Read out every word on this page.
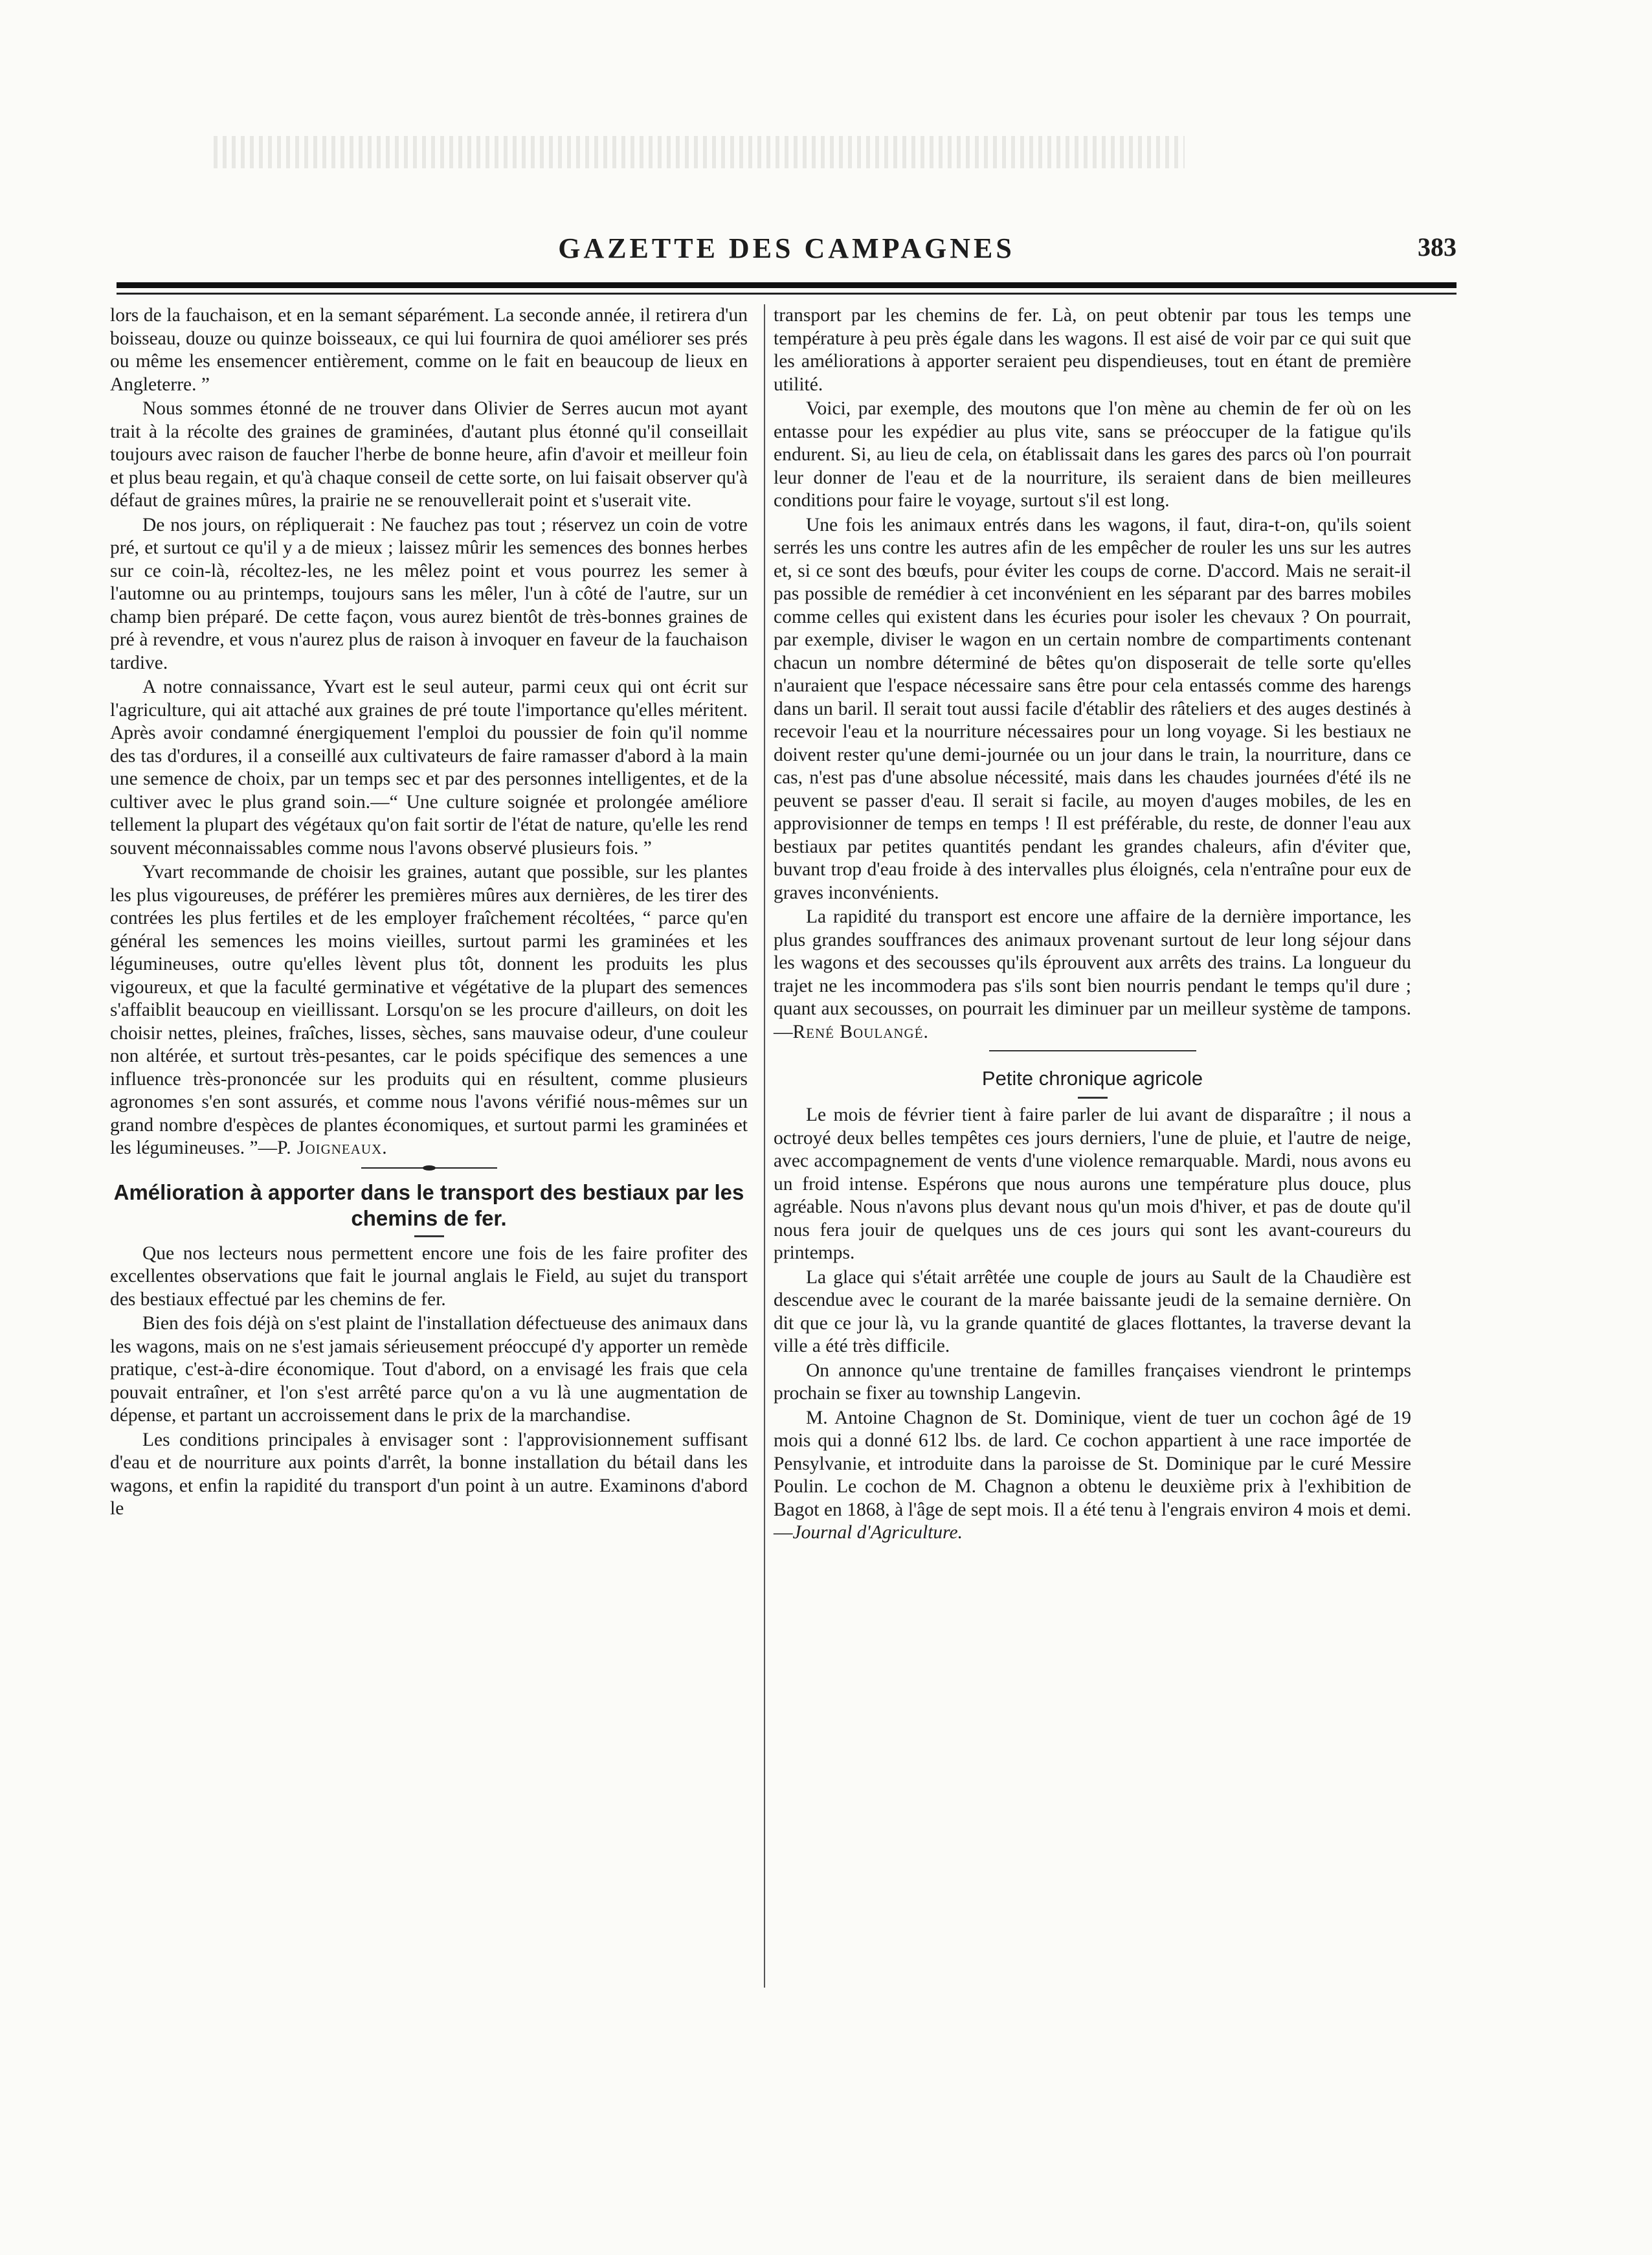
GAZETTE DES CAMPAGNES	383

lors de la fauchaison, et en la semant séparément. La seconde année, il retirera d'un boisseau, douze ou quinze boisseaux, ce qui lui fournira de quoi améliorer ses prés ou même les ensemencer entièrement, comme on le fait en beaucoup de lieux en Angleterre. ”

Nous sommes étonné de ne trouver dans Olivier de Serres aucun mot ayant trait à la récolte des graines de graminées, d'autant plus étonné qu'il conseillait toujours avec raison de faucher l'herbe de bonne heure, afin d'avoir et meilleur foin et plus beau regain, et qu'à chaque conseil de cette sorte, on lui faisait observer qu'à défaut de graines mûres, la prairie ne se renouvellerait point et s'userait vite.

De nos jours, on répliquerait : Ne fauchez pas tout ; réservez un coin de votre pré, et surtout ce qu'il y a de mieux ; laissez mûrir les semences des bonnes herbes sur ce coin-là, récoltez-les, ne les mêlez point et vous pourrez les semer à l'automne ou au printemps, toujours sans les mêler, l'un à côté de l'autre, sur un champ bien préparé. De cette façon, vous aurez bientôt de très-bonnes graines de pré à revendre, et vous n'aurez plus de raison à invoquer en faveur de la fauchaison tardive.

A notre connaissance, Yvart est le seul auteur, parmi ceux qui ont écrit sur l'agriculture, qui ait attaché aux graines de pré toute l'importance qu'elles méritent. Après avoir condamné énergiquement l'emploi du poussier de foin qu'il nomme des tas d'ordures, il a conseillé aux cultivateurs de faire ramasser d'abord à la main une semence de choix, par un temps sec et par des personnes intelligentes, et de la cultiver avec le plus grand soin.—“ Une culture soignée et prolongée améliore tellement la plupart des végétaux qu'on fait sortir de l'état de nature, qu'elle les rend souvent méconnaissables comme nous l'avons observé plusieurs fois. ”

Yvart recommande de choisir les graines, autant que possible, sur les plantes les plus vigoureuses, de préférer les premières mûres aux dernières, de les tirer des contrées les plus fertiles et de les employer fraîchement récoltées, “ parce qu'en général les semences les moins vieilles, surtout parmi les graminées et les légumineuses, outre qu'elles lèvent plus tôt, donnent les produits les plus vigoureux, et que la faculté germinative et végétative de la plupart des semences s'affaiblit beaucoup en vieillissant. Lorsqu'on se les procure d'ailleurs, on doit les choisir nettes, pleines, fraîches, lisses, sèches, sans mauvaise odeur, d'une couleur non altérée, et surtout très-pesantes, car le poids spécifique des semences a une influence très-prononcée sur les produits qui en résultent, comme plusieurs agronomes s'en sont assurés, et comme nous l'avons vérifié nous-mêmes sur un grand nombre d'espèces de plantes économiques, et surtout parmi les graminées et les légumineuses. ”—P. Joigneaux.

Amélioration à apporter dans le transport des bestiaux par les chemins de fer.

Que nos lecteurs nous permettent encore une fois de les faire profiter des excellentes observations que fait le journal anglais le Field, au sujet du transport des bestiaux effectué par les chemins de fer.

Bien des fois déjà on s'est plaint de l'installation défectueuse des animaux dans les wagons, mais on ne s'est jamais sérieusement préoccupé d'y apporter un remède pratique, c'est-à-dire économique. Tout d'abord, on a envisagé les frais que cela pouvait entraîner, et l'on s'est arrêté parce qu'on a vu là une augmentation de dépense, et partant un accroissement dans le prix de la marchandise.

Les conditions principales à envisager sont : l'approvisionnement suffisant d'eau et de nourriture aux points d'arrêt, la bonne installation du bétail dans les wagons, et enfin la rapidité du transport d'un point à un autre. Examinons d'abord le

transport par les chemins de fer. Là, on peut obtenir par tous les temps une température à peu près égale dans les wagons. Il est aisé de voir par ce qui suit que les améliorations à apporter seraient peu dispendieuses, tout en étant de première utilité.

Voici, par exemple, des moutons que l'on mène au chemin de fer où on les entasse pour les expédier au plus vite, sans se préoccuper de la fatigue qu'ils endurent. Si, au lieu de cela, on établissait dans les gares des parcs où l'on pourrait leur donner de l'eau et de la nourriture, ils seraient dans de bien meilleures conditions pour faire le voyage, surtout s'il est long.

Une fois les animaux entrés dans les wagons, il faut, dira-t-on, qu'ils soient serrés les uns contre les autres afin de les empêcher de rouler les uns sur les autres et, si ce sont des bœufs, pour éviter les coups de corne. D'accord. Mais ne serait-il pas possible de remédier à cet inconvénient en les séparant par des barres mobiles comme celles qui existent dans les écuries pour isoler les chevaux ? On pourrait, par exemple, diviser le wagon en un certain nombre de compartiments contenant chacun un nombre déterminé de bêtes qu'on disposerait de telle sorte qu'elles n'auraient que l'espace nécessaire sans être pour cela entassés comme des harengs dans un baril. Il serait tout aussi facile d'établir des râteliers et des auges destinés à recevoir l'eau et la nourriture nécessaires pour un long voyage. Si les bestiaux ne doivent rester qu'une demi-journée ou un jour dans le train, la nourriture, dans ce cas, n'est pas d'une absolue nécessité, mais dans les chaudes journées d'été ils ne peuvent se passer d'eau. Il serait si facile, au moyen d'auges mobiles, de les en approvisionner de temps en temps ! Il est préférable, du reste, de donner l'eau aux bestiaux par petites quantités pendant les grandes chaleurs, afin d'éviter que, buvant trop d'eau froide à des intervalles plus éloignés, cela n'entraîne pour eux de graves inconvénients.

La rapidité du transport est encore une affaire de la dernière importance, les plus grandes souffrances des animaux provenant surtout de leur long séjour dans les wagons et des secousses qu'ils éprouvent aux arrêts des trains. La longueur du trajet ne les incommodera pas s'ils sont bien nourris pendant le temps qu'il dure ; quant aux secousses, on pourrait les diminuer par un meilleur système de tampons.—René Boulangé.

Petite chronique agricole

Le mois de février tient à faire parler de lui avant de disparaître ; il nous a octroyé deux belles tempêtes ces jours derniers, l'une de pluie, et l'autre de neige, avec accompagnement de vents d'une violence remarquable. Mardi, nous avons eu un froid intense. Espérons que nous aurons une température plus douce, plus agréable. Nous n'avons plus devant nous qu'un mois d'hiver, et pas de doute qu'il nous fera jouir de quelques uns de ces jours qui sont les avant-coureurs du printemps.

La glace qui s'était arrêtée une couple de jours au Sault de la Chaudière est descendue avec le courant de la marée baissante jeudi de la semaine dernière. On dit que ce jour là, vu la grande quantité de glaces flottantes, la traverse devant la ville a été très difficile.

On annonce qu'une trentaine de familles françaises viendront le printemps prochain se fixer au township Langevin.

M. Antoine Chagnon de St. Dominique, vient de tuer un cochon âgé de 19 mois qui a donné 612 lbs. de lard. Ce cochon appartient à une race importée de Pensylvanie, et introduite dans la paroisse de St. Dominique par le curé Messire Poulin. Le cochon de M. Chagnon a obtenu le deuxième prix à l'exhibition de Bagot en 1868, à l'âge de sept mois. Il a été tenu à l'engrais environ 4 mois et demi.—Journal d'Agriculture.
